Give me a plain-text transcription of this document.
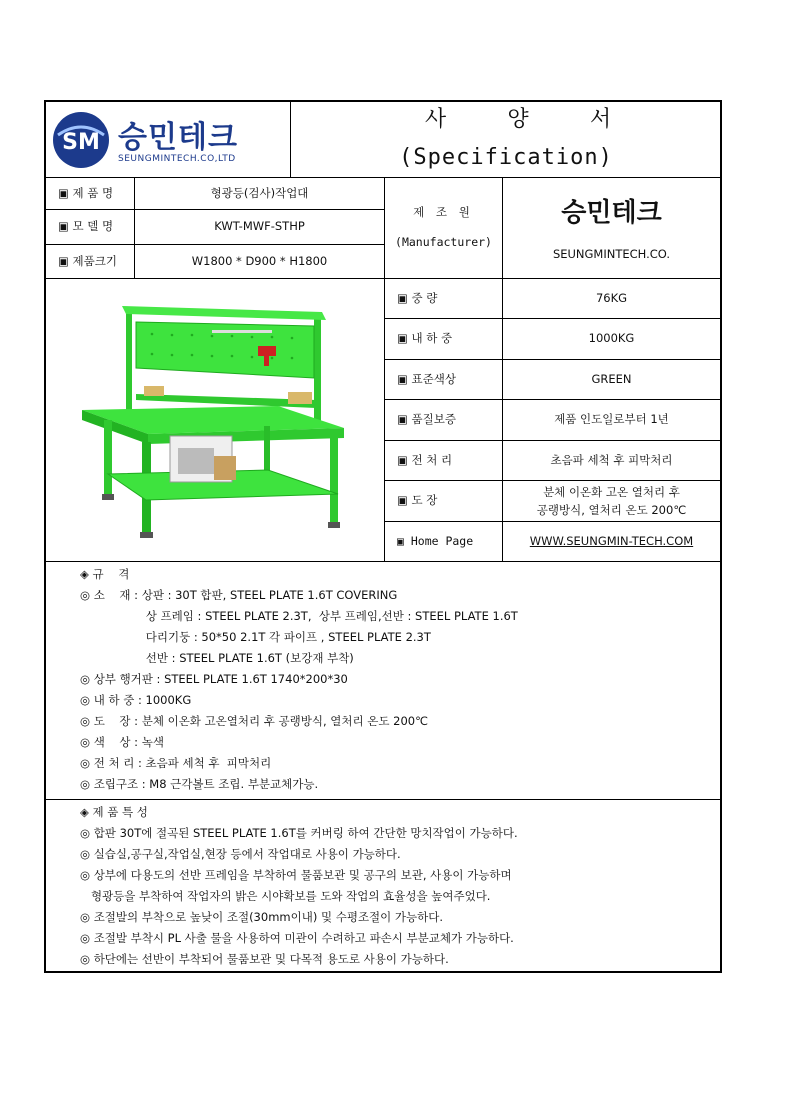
SM 승민테크
SEUNGMINTECH.CO,LTD
사 양 서
(Specification)
▣ 제 품 명	형광등(검사)작업대
▣ 모 델 명	KWT-MWF-STHP
▣ 제품크기	W1800 * D900 * H1800
제 조 원
(Manufacturer)
승민테크
SEUNGMINTECH.CO.
▣ 중 량	76KG
▣ 내 하 중	1000KG
▣ 표준색상	GREEN
▣ 품질보증	제품 인도일로부터 1년
▣ 전 처 리	초음파 세척 후 피막처리
▣ 도 장
분체 이온화 고온 열처리 후
공랭방식, 열처리 온도 200℃
▣ Home Page	WWW.SEUNGMIN-TECH.COM
◈ 규    격
◎ 소    재 : 상판 : 30T 합판, STEEL PLATE 1.6T COVERING
상 프레임 : STEEL PLATE 2.3T,  상부 프레임,선반 : STEEL PLATE 1.6T
다리기둥 : 50*50 2.1T 각 파이프 , STEEL PLATE 2.3T
선반 : STEEL PLATE 1.6T (보강재 부착)
◎ 상부 행거판 : STEEL PLATE 1.6T 1740*200*30
◎ 내 하 중 : 1000KG
◎ 도    장 : 분체 이온화 고온열처리 후 공랭방식, 열처리 온도 200℃
◎ 색    상 : 녹색
◎ 전 처 리 : 초음파 세척 후  피막처리
◎ 조립구조 : M8 근각볼트 조립. 부분교체가능.
◈ 제 품 특 성
◎ 합판 30T에 절곡된 STEEL PLATE 1.6T를 커버링 하여 간단한 망치작업이 가능하다.
◎ 실습실,공구실,작업실,현장 등에서 작업대로 사용이 가능하다.
◎ 상부에 다용도의 선반 프레임을 부착하여 물품보관 및 공구의 보관, 사용이 가능하며
형광등을 부착하여 작업자의 밝은 시야확보를 도와 작업의 효율성을 높여주었다.
◎ 조절발의 부착으로 높낮이 조절(30mm이내) 및 수평조절이 가능하다.
◎ 조절발 부착시 PL 사출 물을 사용하여 미관이 수려하고 파손시 부분교체가 가능하다.
◎ 하단에는 선반이 부착되어 물품보관 및 다목적 용도로 사용이 가능하다.
